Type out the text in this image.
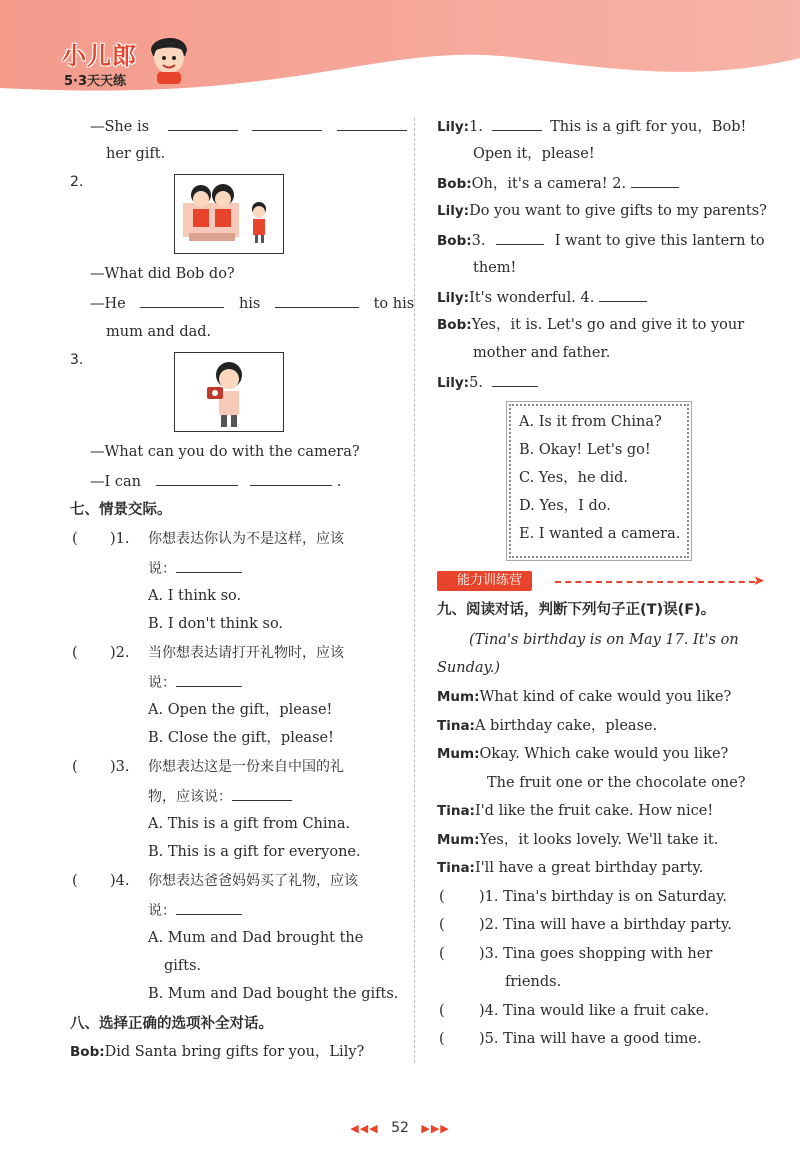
小儿郎
5·3天天练
—She is
her gift.
2.
—What did Bob do?
—He	his	to his
mum and dad.
3.
—What can you do with the camera?
—I can	.
七、情景交际。
( )1. 你想表达你认为不是这样，应该
说：
A. I think so.
B. I don't think so.
( )2. 当你想表达请打开礼物时，应该
说：
A. Open the gift，please!
B. Close the gift，please!
( )3. 你想表达这是一份来自中国的礼
物，应该说：
A. This is a gift from China.
B. This is a gift for everyone.
( )4. 你想表达爸爸妈妈买了礼物，应该
说：
A. Mum and Dad brought the
gifts.
B. Mum and Dad bought the gifts.
八、选择正确的选项补全对话。
Bob:Did Santa bring gifts for you，Lily?
Lily:1.	This is a gift for you，Bob!
Open it，please!
Bob:Oh，it's a camera! 2.
Lily:Do you want to give gifts to my parents?
Bob:3.	I want to give this lantern to
them!
Lily:It's wonderful. 4.
Bob:Yes，it is. Let's go and give it to your
mother and father.
Lily:5.
A. Is it from China?
B. Okay! Let's go!
C. Yes，he did.
D. Yes，I do.
E. I wanted a camera.
能力训练营	➤
九、阅读对话，判断下列句子正(T)误(F)。
(Tina's birthday is on May 17. It's on
Sunday.)
Mum:What kind of cake would you like?
Tina:A birthday cake，please.
Mum:Okay. Which cake would you like?
The fruit one or the chocolate one?
Tina:I'd like the fruit cake. How nice!
Mum:Yes，it looks lovely. We'll take it.
Tina:I'll have a great birthday party.
( )1. Tina's birthday is on Saturday.
( )2. Tina will have a birthday party.
( )3. Tina goes shopping with her
friends.
( )4. Tina would like a fruit cake.
( )5. Tina will have a good time.
◀◀◀ 52 ▶▶▶
